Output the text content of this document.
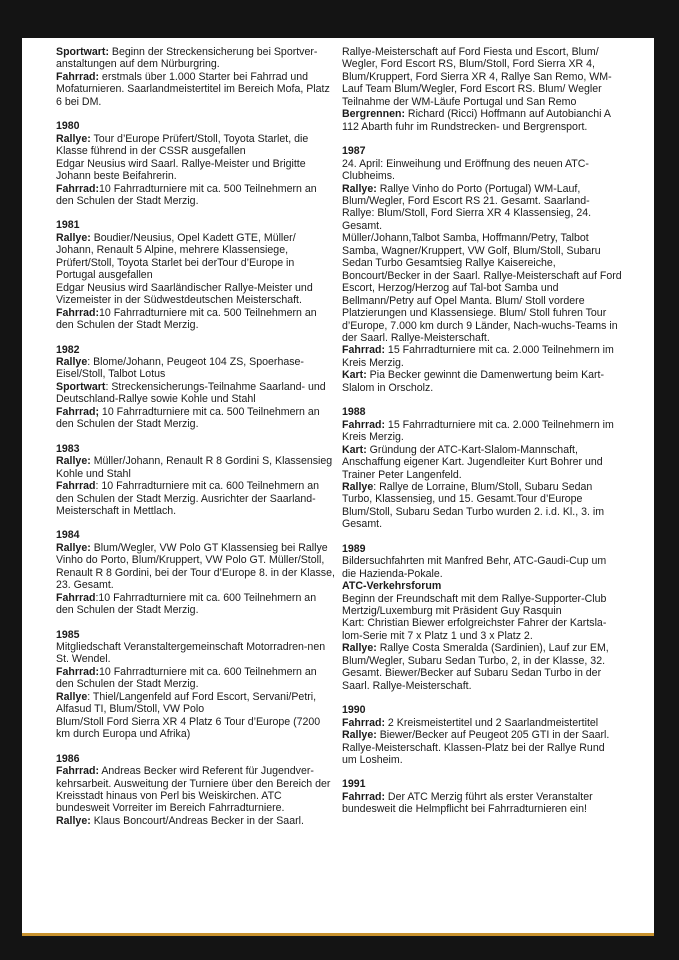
Sportwart: Beginn der Streckensicherung bei Sportver-anstaltungen auf dem Nürburgring.
Fahrrad: erstmals über 1.000 Starter bei Fahrrad und Mofaturnieren. Saarlandmeistertitel im Bereich Mofa, Platz 6 bei DM.
1980
Rallye: Tour d’Europe Prüfert/Stoll, Toyota Starlet, die Klasse führend in der CSSR ausgefallen
Edgar Neusius wird Saarl. Rallye-Meister und Brigitte Johann beste Beifahrerin.
Fahrrad:10 Fahrradturniere mit ca. 500 Teilnehmern an den Schulen der Stadt Merzig.
1981
Rallye: Boudier/Neusius, Opel Kadett GTE, Müller/ Johann, Renault 5 Alpine, mehrere Klassensiege, Prüfert/Stoll, Toyota Starlet bei derTour d’Europe in Portugal ausgefallen
Edgar Neusius wird Saarländischer Rallye-Meister und Vizemeister in der Südwestdeutschen Meisterschaft.
Fahrrad:10 Fahrradturniere mit ca. 500 Teilnehmern an den Schulen der Stadt Merzig.
1982
Rallye: Blome/Johann, Peugeot 104 ZS, Spoerhase-Eisel/Stoll, Talbot Lotus
Sportwart: Streckensicherungs-Teilnahme Saarland- und Deutschland-Rallye sowie Kohle und Stahl
Fahrrad; 10 Fahrradturniere mit ca. 500 Teilnehmern an den Schulen der Stadt Merzig.
1983
Rallye: Müller/Johann, Renault R 8 Gordini S, Klassensieg Kohle und Stahl
Fahrrad: 10 Fahrradturniere mit ca. 600 Teilnehmern an den Schulen der Stadt Merzig. Ausrichter der Saarland-Meisterschaft in Mettlach.
1984
Rallye: Blum/Wegler, VW Polo GT Klassensieg bei Rallye Vinho do Porto, Blum/Kruppert, VW Polo GT. Müller/Stoll, Renault R 8 Gordini, bei der Tour d’Europe 8. in der Klasse, 23. Gesamt.
Fahrrad:10 Fahrradturniere mit ca. 600 Teilnehmern an den Schulen der Stadt Merzig.
1985
Mitgliedschaft Veranstaltergemeinschaft Motorradren-nen St. Wendel.
Fahrrad:10 Fahrradturniere mit ca. 600 Teilnehmern an den Schulen der Stadt Merzig.
Rallye: Thiel/Langenfeld auf Ford Escort, Servani/Petri, Alfasud TI, Blum/Stoll, VW Polo
Blum/Stoll Ford Sierra XR 4 Platz 6 Tour d’Europe (7200 km durch Europa und Afrika)
1986
Fahrrad: Andreas Becker wird Referent für Jugendver-kehrsarbeit. Ausweitung der Turniere über den Bereich der Kreisstadt hinaus von Perl bis Weiskirchen. ATC bundesweit Vorreiter im Bereich Fahrradturniere.
Rallye: Klaus Boncourt/Andreas Becker in der Saarl.
Rallye-Meisterschaft auf Ford Fiesta und Escort, Blum/ Wegler, Ford Escort RS, Blum/Stoll, Ford Sierra XR 4, Blum/Kruppert, Ford Sierra XR 4, Rallye San Remo, WM-Lauf Team Blum/Wegler, Ford Escort RS. Blum/ Wegler Teilnahme der WM-Läufe Portugal und San Remo
Bergrennen: Richard (Ricci) Hoffmann auf Autobianchi A 112 Abarth fuhr im Rundstrecken- und Bergrensport.
1987
24. April: Einweihung und Eröffnung des neuen ATC-Clubheims.
Rallye: Rallye Vinho do Porto (Portugal) WM-Lauf, Blum/Wegler, Ford Escort RS 21. Gesamt. Saarland-Rallye: Blum/Stoll, Ford Sierra XR 4 Klassensieg, 24. Gesamt.
Müller/Johann,Talbot Samba, Hoffmann/Petry, Talbot Samba, Wagner/Kruppert, VW Golf, Blum/Stoll, Subaru Sedan Turbo Gesamtsieg Rallye Kaisereiche, Boncourt/Becker in der Saarl. Rallye-Meisterschaft auf Ford Escort, Herzog/Herzog auf Tal-bot Samba und Bellmann/Petry auf Opel Manta. Blum/ Stoll vordere Platzierungen und Klassensiege. Blum/ Stoll fuhren Tour d’Europe, 7.000 km durch 9 Länder, Nach-wuchs-Teams in der Saarl. Rallye-Meisterschaft.
Fahrrad: 15 Fahrradturniere mit ca. 2.000 Teilnehmern im Kreis Merzig.
Kart: Pia Becker gewinnt die Damenwertung beim Kart-Slalom in Orscholz.
1988
Fahrrad: 15 Fahrradturniere mit ca. 2.000 Teilnehmern im Kreis Merzig.
Kart: Gründung der ATC-Kart-Slalom-Mannschaft, Anschaffung eigener Kart. Jugendleiter Kurt Bohrer und Trainer Peter Langenfeld.
Rallye: Rallye de Lorraine, Blum/Stoll, Subaru Sedan Turbo, Klassensieg, und 15. Gesamt.Tour d’Europe Blum/Stoll, Subaru Sedan Turbo wurden 2. i.d. Kl., 3. im Gesamt.
1989
Bildersuchfahrten mit Manfred Behr, ATC-Gaudi-Cup um die Hazienda-Pokale.
ATC-Verkehrsforum
Beginn der Freundschaft mit dem Rallye-Supporter-Club Mertzig/Luxemburg mit Präsident Guy Rasquin
Kart: Christian Biewer erfolgreichster Fahrer der Kartsla-lom-Serie mit 7 x Platz 1 und 3 x Platz 2.
Rallye: Rallye Costa Smeralda (Sardinien), Lauf zur EM, Blum/Wegler, Subaru Sedan Turbo, 2, in der Klasse, 32. Gesamt. Biewer/Becker auf Subaru Sedan Turbo in der Saarl. Rallye-Meisterschaft.
1990
Fahrrad: 2 Kreismeistertitel und 2 Saarlandmeistertitel
Rallye: Biewer/Becker auf Peugeot 205 GTI in der Saarl. Rallye-Meisterschaft. Klassen-Platz bei der Rallye Rund um Losheim.
1991
Fahrrad: Der ATC Merzig führt als erster Veranstalter bundesweit die Helmpflicht bei Fahrradturnieren ein!
